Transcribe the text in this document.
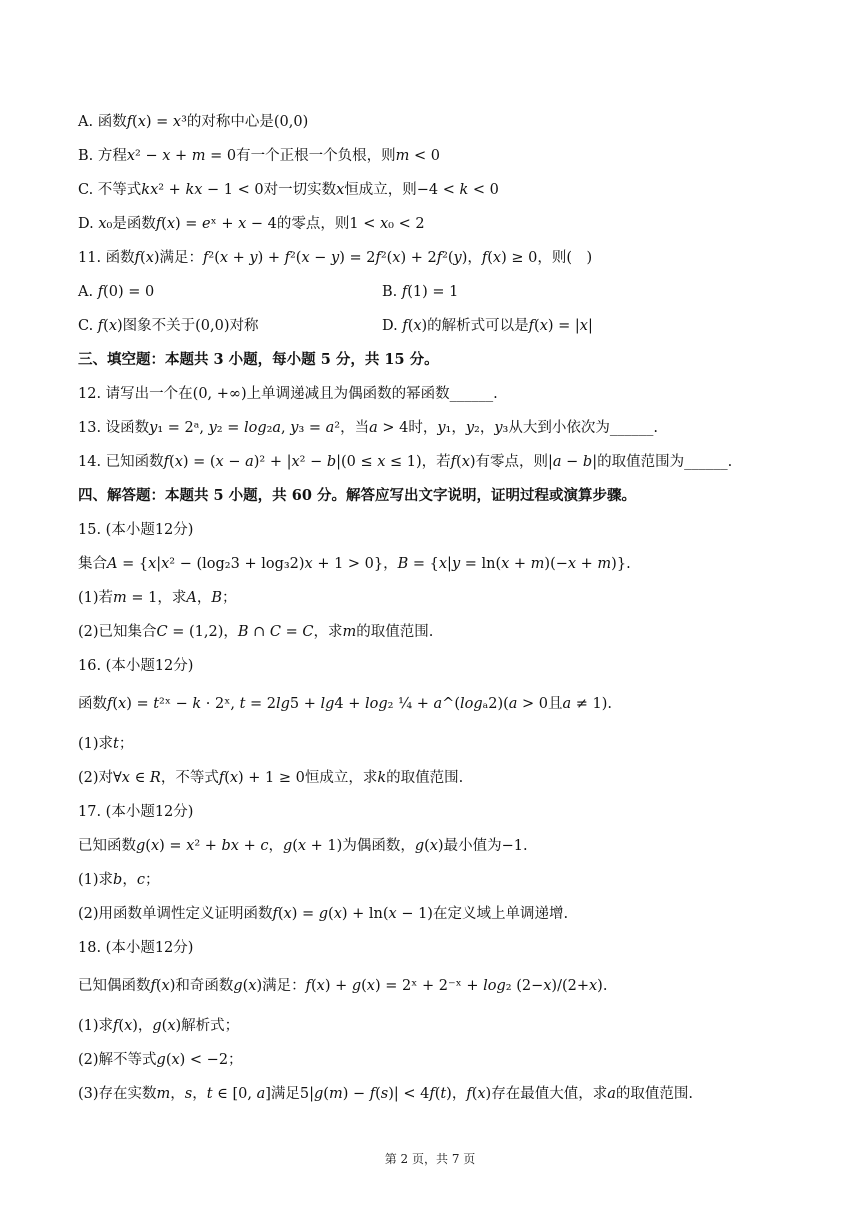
A. 函数𝑓(𝑥) = 𝑥³的对称中心是(0,0)
B. 方程𝑥² − 𝑥 + 𝑚 = 0有一个正根一个负根，则𝑚 < 0
C. 不等式𝑘𝑥² + 𝑘𝑥 − 1 < 0对一切实数𝑥恒成立，则−4 < 𝑘 < 0
D. 𝑥₀是函数𝑓(𝑥) = 𝑒ˣ + 𝑥 − 4的零点，则1 < 𝑥₀ < 2
11. 函数𝑓(𝑥)满足：𝑓²(𝑥 + 𝑦) + 𝑓²(𝑥 − 𝑦) = 2𝑓²(𝑥) + 2𝑓²(𝑦)，𝑓(𝑥) ≥ 0，则(　)
A. 𝑓(0) = 0	B. 𝑓(1) = 1
C. 𝑓(𝑥)图象不关于(0,0)对称	D. 𝑓(𝑥)的解析式可以是𝑓(𝑥) = |𝑥|
三、填空题：本题共 3 小题，每小题 5 分，共 15 分。
12. 请写出一个在(0, +∞)上单调递减且为偶函数的幂函数______.
13. 设函数𝑦₁ = 2ᵃ, 𝑦₂ = 𝑙𝑜𝑔₂𝑎, 𝑦₃ = 𝑎²，当𝑎 > 4时，𝑦₁，𝑦₂，𝑦₃从大到小依次为______.
14. 已知函数𝑓(𝑥) = (𝑥 − 𝑎)² + |𝑥² − 𝑏|(0 ≤ 𝑥 ≤ 1)，若𝑓(𝑥)有零点，则|𝑎 − 𝑏|的取值范围为______.
四、解答题：本题共 5 小题，共 60 分。解答应写出文字说明，证明过程或演算步骤。
15. (本小题12分)
集合𝐴 = {𝑥|𝑥² − (log₂3 + log₃2)𝑥 + 1 > 0}，𝐵 = {𝑥|𝑦 = ln(𝑥 + 𝑚)(−𝑥 + 𝑚)}.
(1)若𝑚 = 1，求𝐴，𝐵；
(2)已知集合𝐶 = (1,2)，𝐵 ∩ 𝐶 = 𝐶，求𝑚的取值范围.
16. (本小题12分)
函数𝑓(𝑥) = 𝑡²ˣ − 𝑘 · 2ˣ, 𝑡 = 2𝑙𝑔5 + 𝑙𝑔4 + 𝑙𝑜𝑔₂ ¼ + 𝑎^(𝑙𝑜𝑔ₐ2)(𝑎 > 0且𝑎 ≠ 1).
(1)求𝑡；
(2)对∀𝑥 ∈ 𝑅，不等式𝑓(𝑥) + 1 ≥ 0恒成立，求𝑘的取值范围.
17. (本小题12分)
已知函数𝑔(𝑥) = 𝑥² + 𝑏𝑥 + 𝑐，𝑔(𝑥 + 1)为偶函数，𝑔(𝑥)最小值为−1.
(1)求𝑏，𝑐；
(2)用函数单调性定义证明函数𝑓(𝑥) = 𝑔(𝑥) + ln(𝑥 − 1)在定义域上单调递增.
18. (本小题12分)
已知偶函数𝑓(𝑥)和奇函数𝑔(𝑥)满足：𝑓(𝑥) + 𝑔(𝑥) = 2ˣ + 2⁻ˣ + 𝑙𝑜𝑔₂ (2−𝑥)/(2+𝑥).
(1)求𝑓(𝑥)，𝑔(𝑥)解析式；
(2)解不等式𝑔(𝑥) < −2；
(3)存在实数𝑚，𝑠，𝑡 ∈ [0, 𝑎]满足5|𝑔(𝑚) − 𝑓(𝑠)| < 4𝑓(𝑡)，𝑓(𝑥)存在最值大值，求𝑎的取值范围.
第 2 页，共 7 页
